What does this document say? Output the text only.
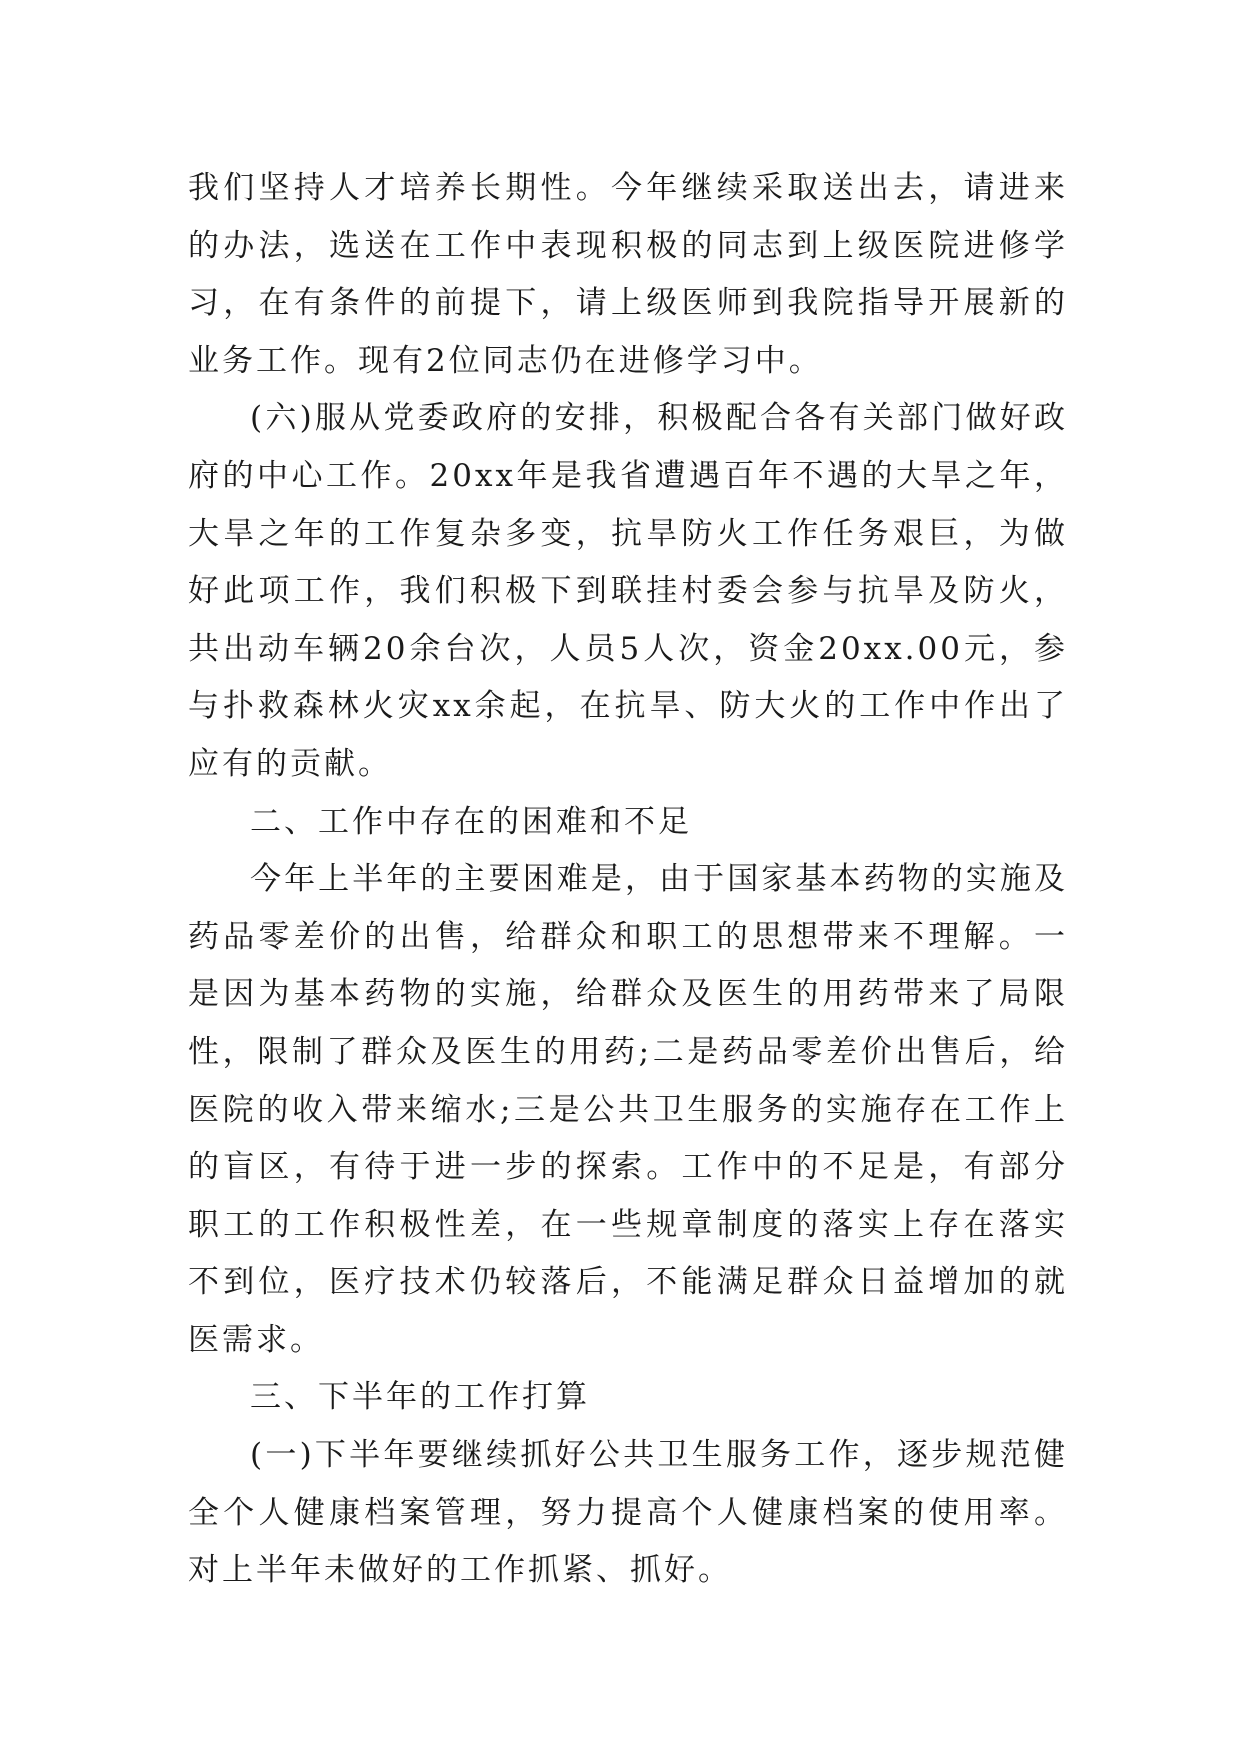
我们坚持人才培养长期性。今年继续采取送出去，请进来的办法，选送在工作中表现积极的同志到上级医院进修学习，在有条件的前提下，请上级医师到我院指导开展新的业务工作。现有2位同志仍在进修学习中。

(六)服从党委政府的安排，积极配合各有关部门做好政府的中心工作。20xx年是我省遭遇百年不遇的大旱之年，大旱之年的工作复杂多变，抗旱防火工作任务艰巨，为做好此项工作，我们积极下到联挂村委会参与抗旱及防火，共出动车辆20余台次，人员5人次，资金20xx.00元，参与扑救森林火灾xx余起，在抗旱、防大火的工作中作出了应有的贡献。

二、工作中存在的困难和不足

今年上半年的主要困难是，由于国家基本药物的实施及药品零差价的出售，给群众和职工的思想带来不理解。一是因为基本药物的实施，给群众及医生的用药带来了局限性，限制了群众及医生的用药;二是药品零差价出售后，给医院的收入带来缩水;三是公共卫生服务的实施存在工作上的盲区，有待于进一步的探索。工作中的不足是，有部分职工的工作积极性差，在一些规章制度的落实上存在落实不到位，医疗技术仍较落后，不能满足群众日益增加的就医需求。

三、下半年的工作打算

(一)下半年要继续抓好公共卫生服务工作，逐步规范健全个人健康档案管理，努力提高个人健康档案的使用率。对上半年未做好的工作抓紧、抓好。
